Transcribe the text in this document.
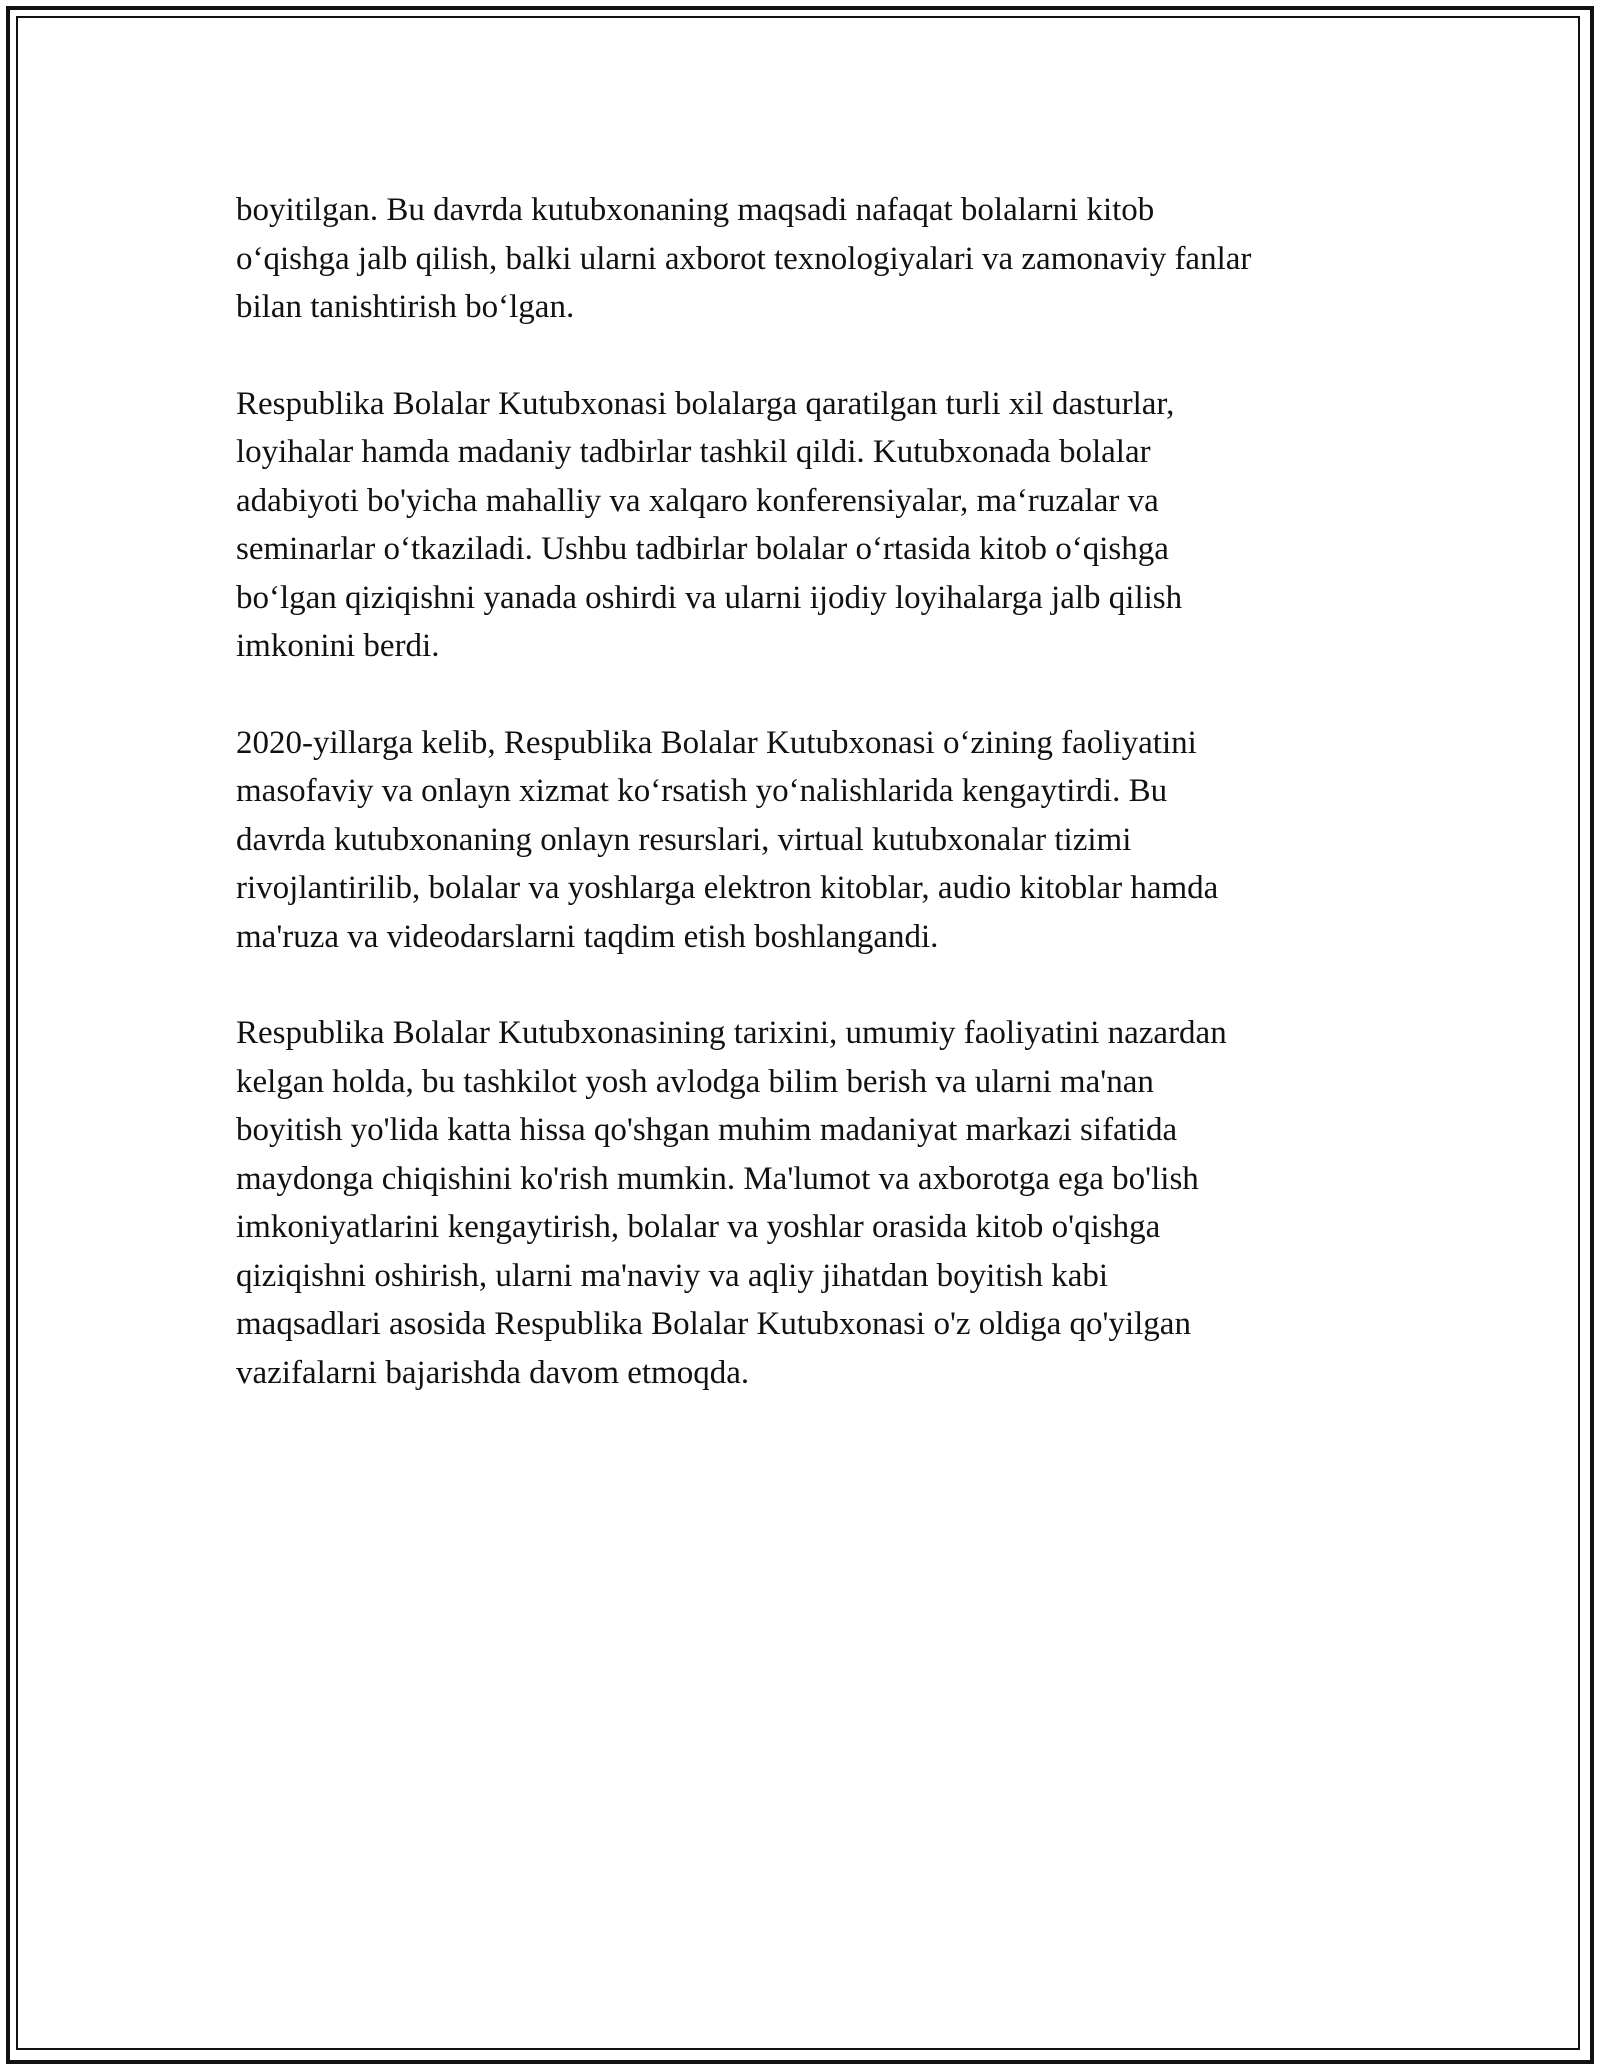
boyitilgan. Bu davrda kutubxonaning maqsadi nafaqat bolalarni kitob
o‘qishga jalb qilish, balki ularni axborot texnologiyalari va zamonaviy fanlar
bilan tanishtirish bo‘lgan.

Respublika Bolalar Kutubxonasi bolalarga qaratilgan turli xil dasturlar,
loyihalar hamda madaniy tadbirlar tashkil qildi. Kutubxonada bolalar
adabiyoti bo'yicha mahalliy va xalqaro konferensiyalar, ma‘ruzalar va
seminarlar o‘tkaziladi. Ushbu tadbirlar bolalar o‘rtasida kitob o‘qishga
bo‘lgan qiziqishni yanada oshirdi va ularni ijodiy loyihalarga jalb qilish
imkonini berdi.

2020-yillarga kelib, Respublika Bolalar Kutubxonasi o‘zining faoliyatini
masofaviy va onlayn xizmat ko‘rsatish yo‘nalishlarida kengaytirdi. Bu
davrda kutubxonaning onlayn resurslari, virtual kutubxonalar tizimi
rivojlantirilib, bolalar va yoshlarga elektron kitoblar, audio kitoblar hamda
ma'ruza va videodarslarni taqdim etish boshlangandi.

Respublika Bolalar Kutubxonasining tarixini, umumiy faoliyatini nazardan
kelgan holda, bu tashkilot yosh avlodga bilim berish va ularni ma'nan
boyitish yo'lida katta hissa qo'shgan muhim madaniyat markazi sifatida
maydonga chiqishini ko'rish mumkin. Ma'lumot va axborotga ega bo'lish
imkoniyatlarini kengaytirish, bolalar va yoshlar orasida kitob o'qishga
qiziqishni oshirish, ularni ma'naviy va aqliy jihatdan boyitish kabi
maqsadlari asosida Respublika Bolalar Kutubxonasi o'z oldiga qo'yilgan
vazifalarni bajarishda davom etmoqda.
